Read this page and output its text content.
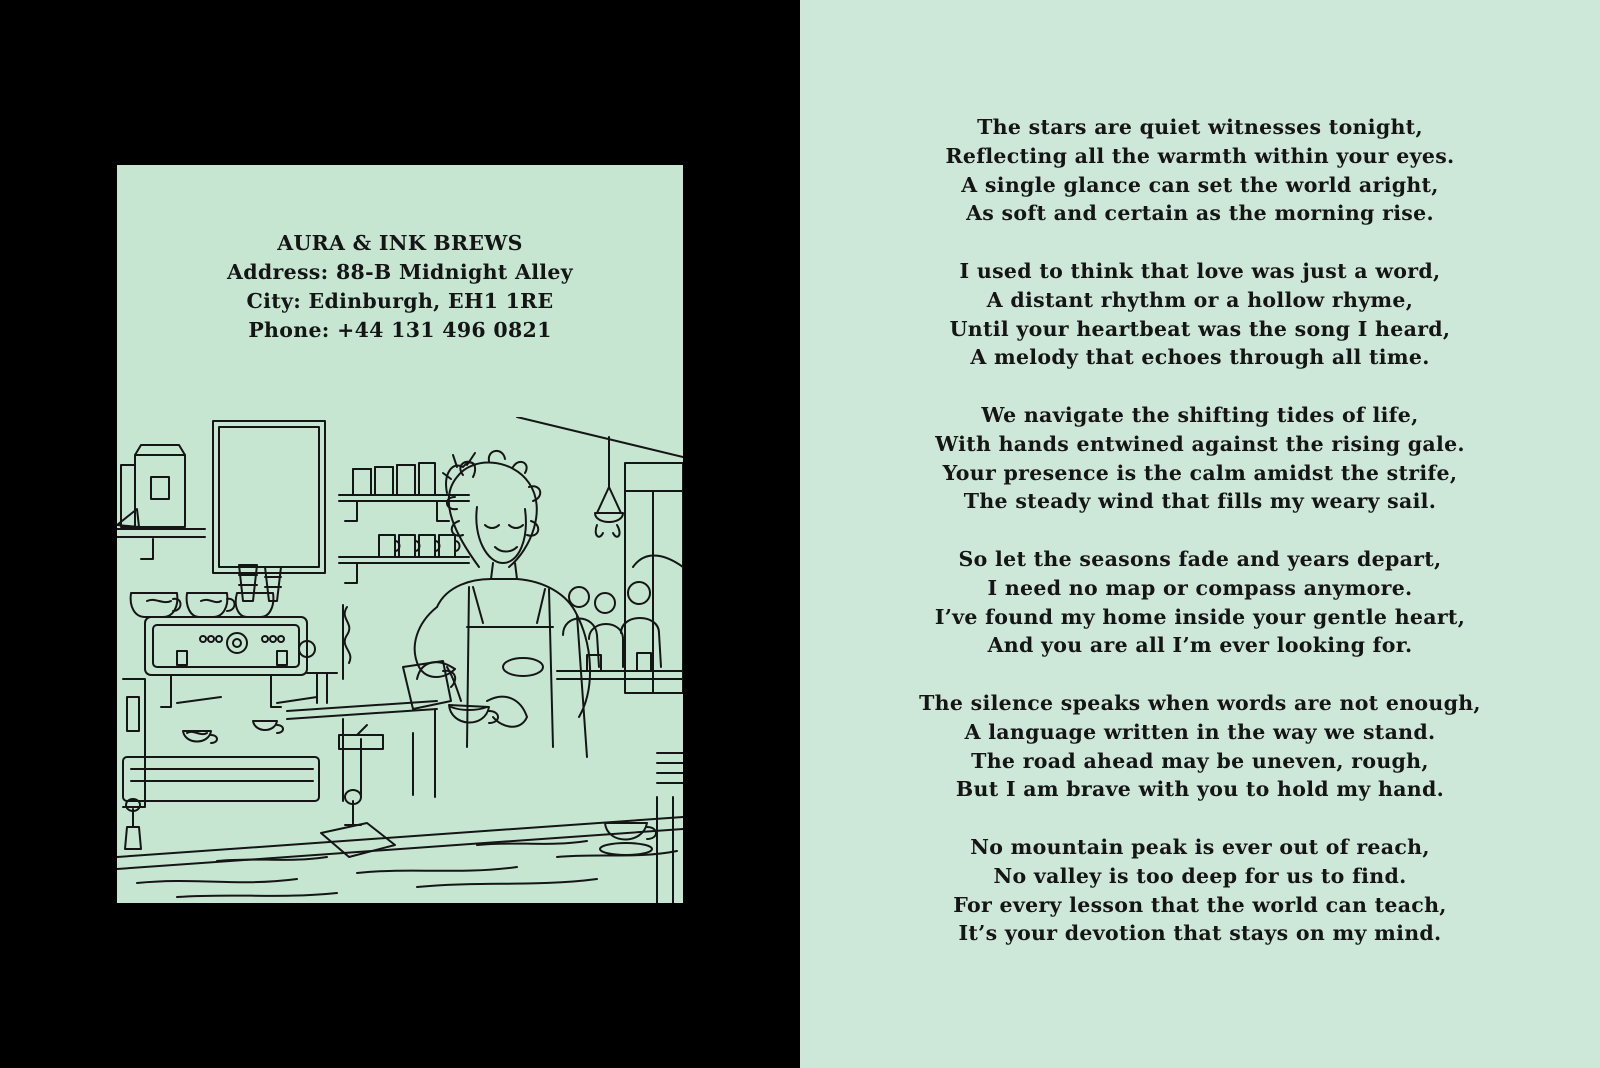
AURA & INK BREWS
Address: 88-B Midnight Alley
City: Edinburgh, EH1 1RE
Phone: +44 131 496 0821
The stars are quiet witnesses tonight,
Reflecting all the warmth within your eyes.
A single glance can set the world aright,
As soft and certain as the morning rise.
I used to think that love was just a word,
A distant rhythm or a hollow rhyme,
Until your heartbeat was the song I heard,
A melody that echoes through all time.
We navigate the shifting tides of life,
With hands entwined against the rising gale.
Your presence is the calm amidst the strife,
The steady wind that fills my weary sail.
So let the seasons fade and years depart,
I need no map or compass anymore.
I’ve found my home inside your gentle heart,
And you are all I’m ever looking for.
The silence speaks when words are not enough,
A language written in the way we stand.
The road ahead may be uneven, rough,
But I am brave with you to hold my hand.
No mountain peak is ever out of reach,
No valley is too deep for us to find.
For every lesson that the world can teach,
It’s your devotion that stays on my mind.
